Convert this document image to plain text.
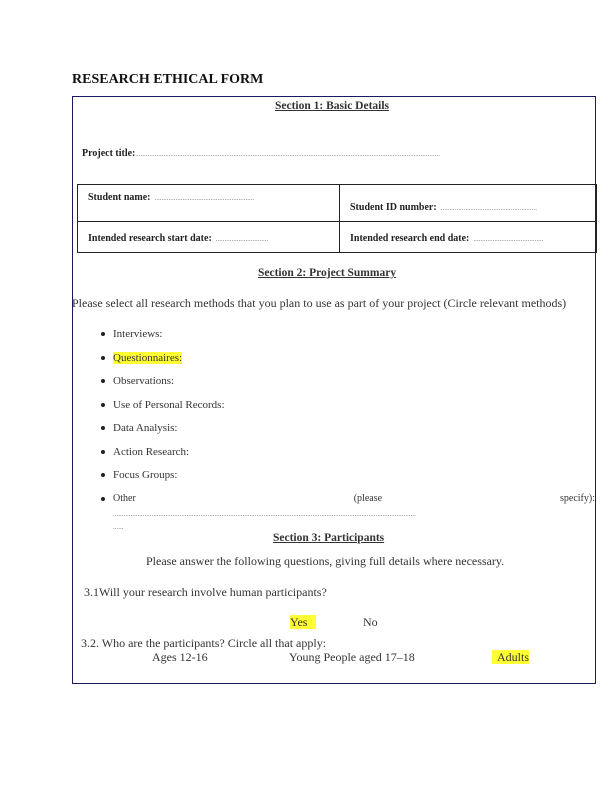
RESEARCH ETHICAL FORM
Section 1: Basic Details
Project title:..............................................................................................................................................................................
Student name: .........................................................	Student ID number: .......................................................
Intended research start date: ..............................	Intended research end date: ........................................
Section 2: Project Summary
Please select all research methods that you plan to use as part of your project (Circle relevant methods)
Interviews:
Questionnaires:
Observations:
Use of Personal Records:
Data Analysis:
Action Research:
Focus Groups:
Other	(please	specify):
.............................................................................................................................................................................
......
Section 3: Participants
Please answer the following questions, giving full details where necessary.
3.1Will your research involve human participants?
Yes	No
3.2. Who are the participants? Circle all that apply:
Ages 12-16	Young People aged 17–18	Adults
